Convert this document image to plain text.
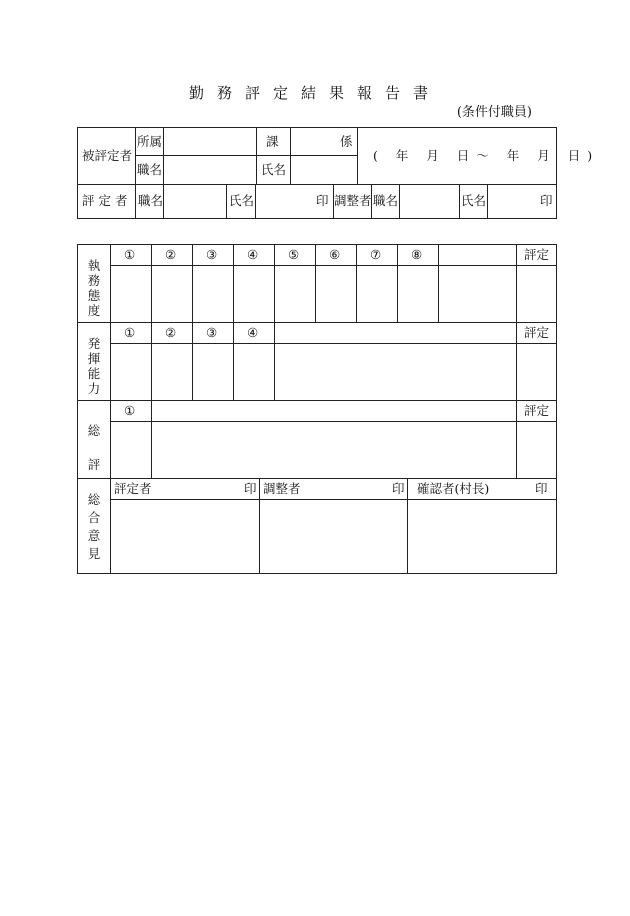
勤務評定結果報告書
(条件付職員)
被評定者
所属	課	係
職名	氏名
( 年 月 日〜 年 月 日)
評 定 者 職名	氏名	印 調整者 職名	氏名	印
執務態度
① ② ③ ④ ⑤ ⑥ ⑦ ⑧	評定
発揮能力
① ② ③ ④	評定
総評
①	評定
総合意見
評定者	印 調整者	印 確認者(村長)	印
